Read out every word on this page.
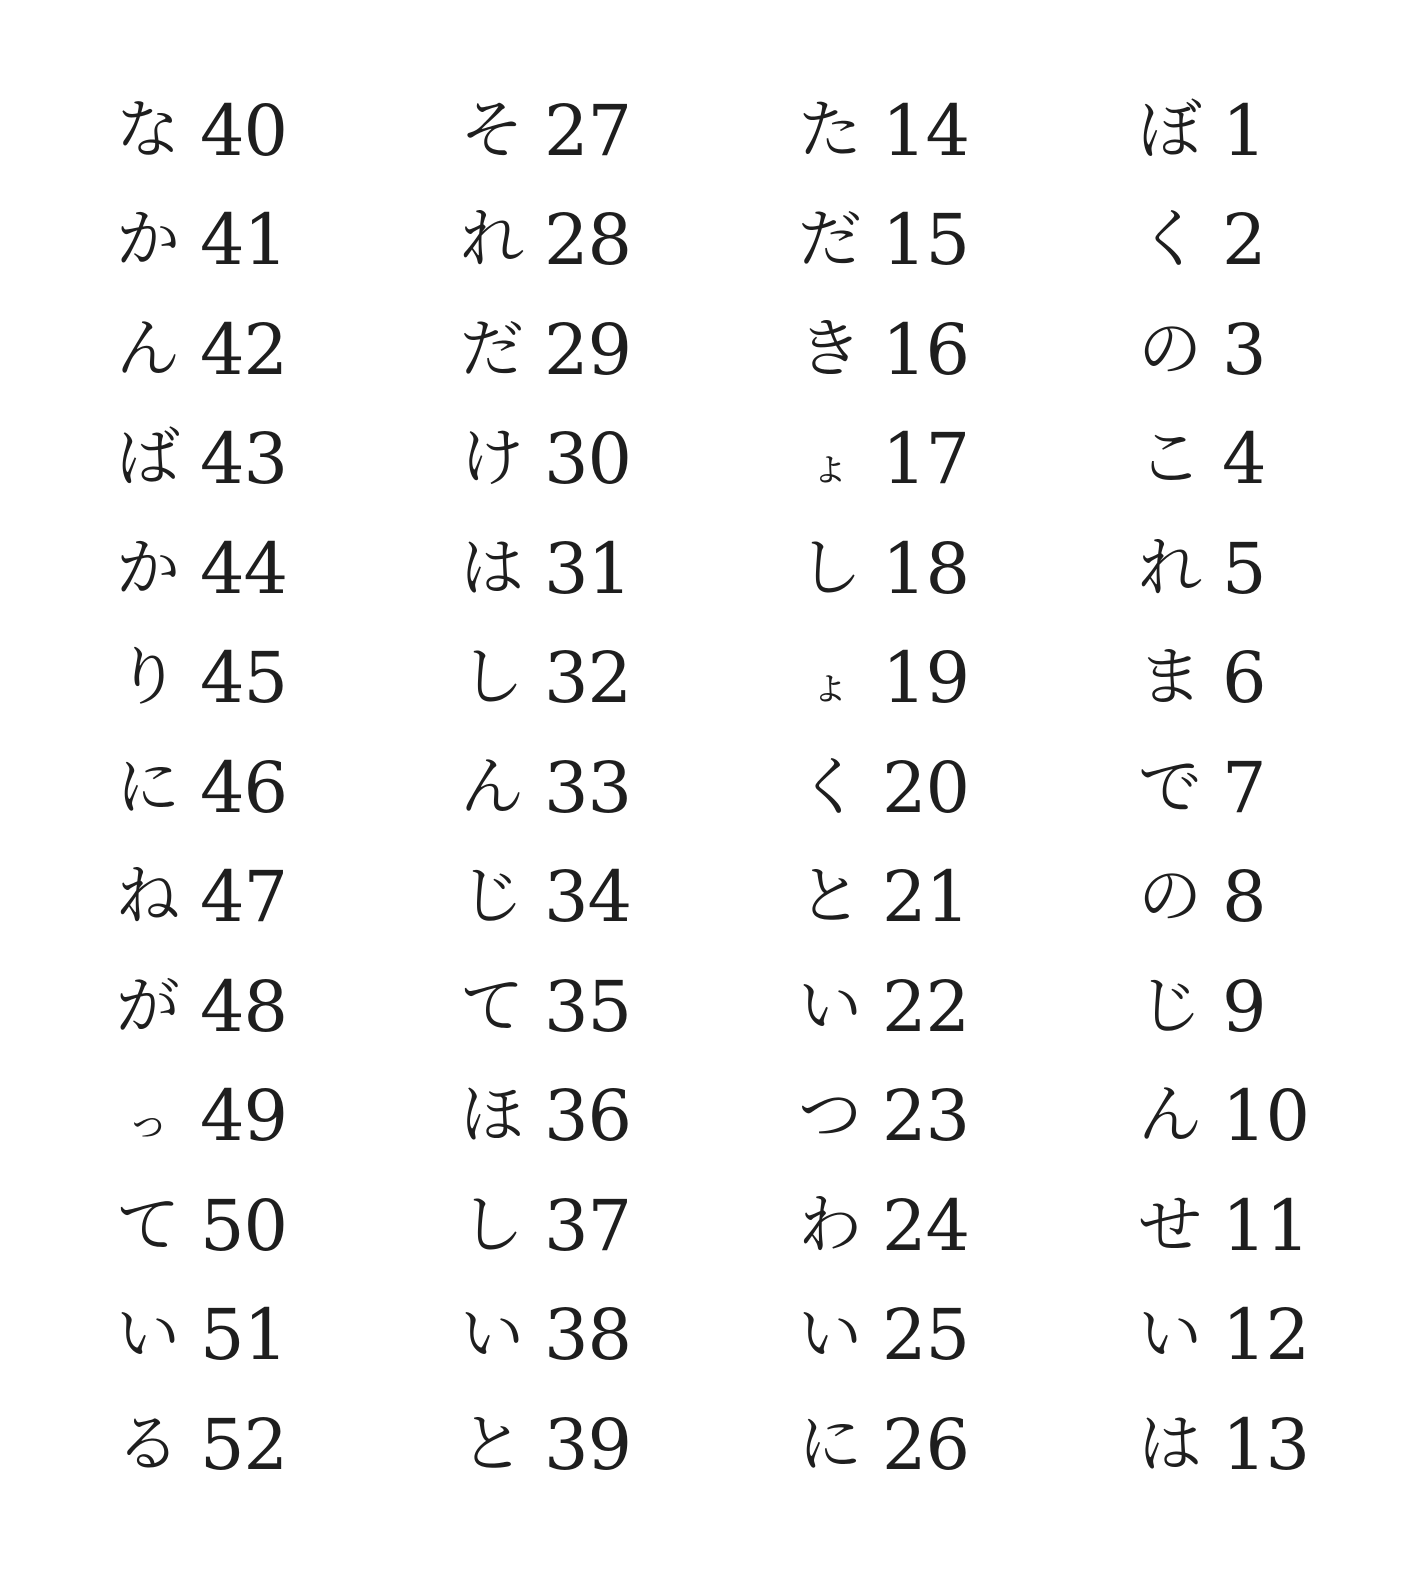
な 40
か 41
ん 42
ば 43
か 44
り 45
に 46
ね 47
が 48
っ 49
て 50
い 51
る 52
そ 27
れ 28
だ 29
け 30
は 31
し 32
ん 33
じ 34
て 35
ほ 36
し 37
い 38
と 39
た 14
だ 15
き 16
ょ 17
し 18
ょ 19
く 20
と 21
い 22
つ 23
わ 24
い 25
に 26
ぼ 1
く 2
の 3
こ 4
れ 5
ま 6
で 7
の 8
じ 9
ん 10
せ 11
い 12
は 13
